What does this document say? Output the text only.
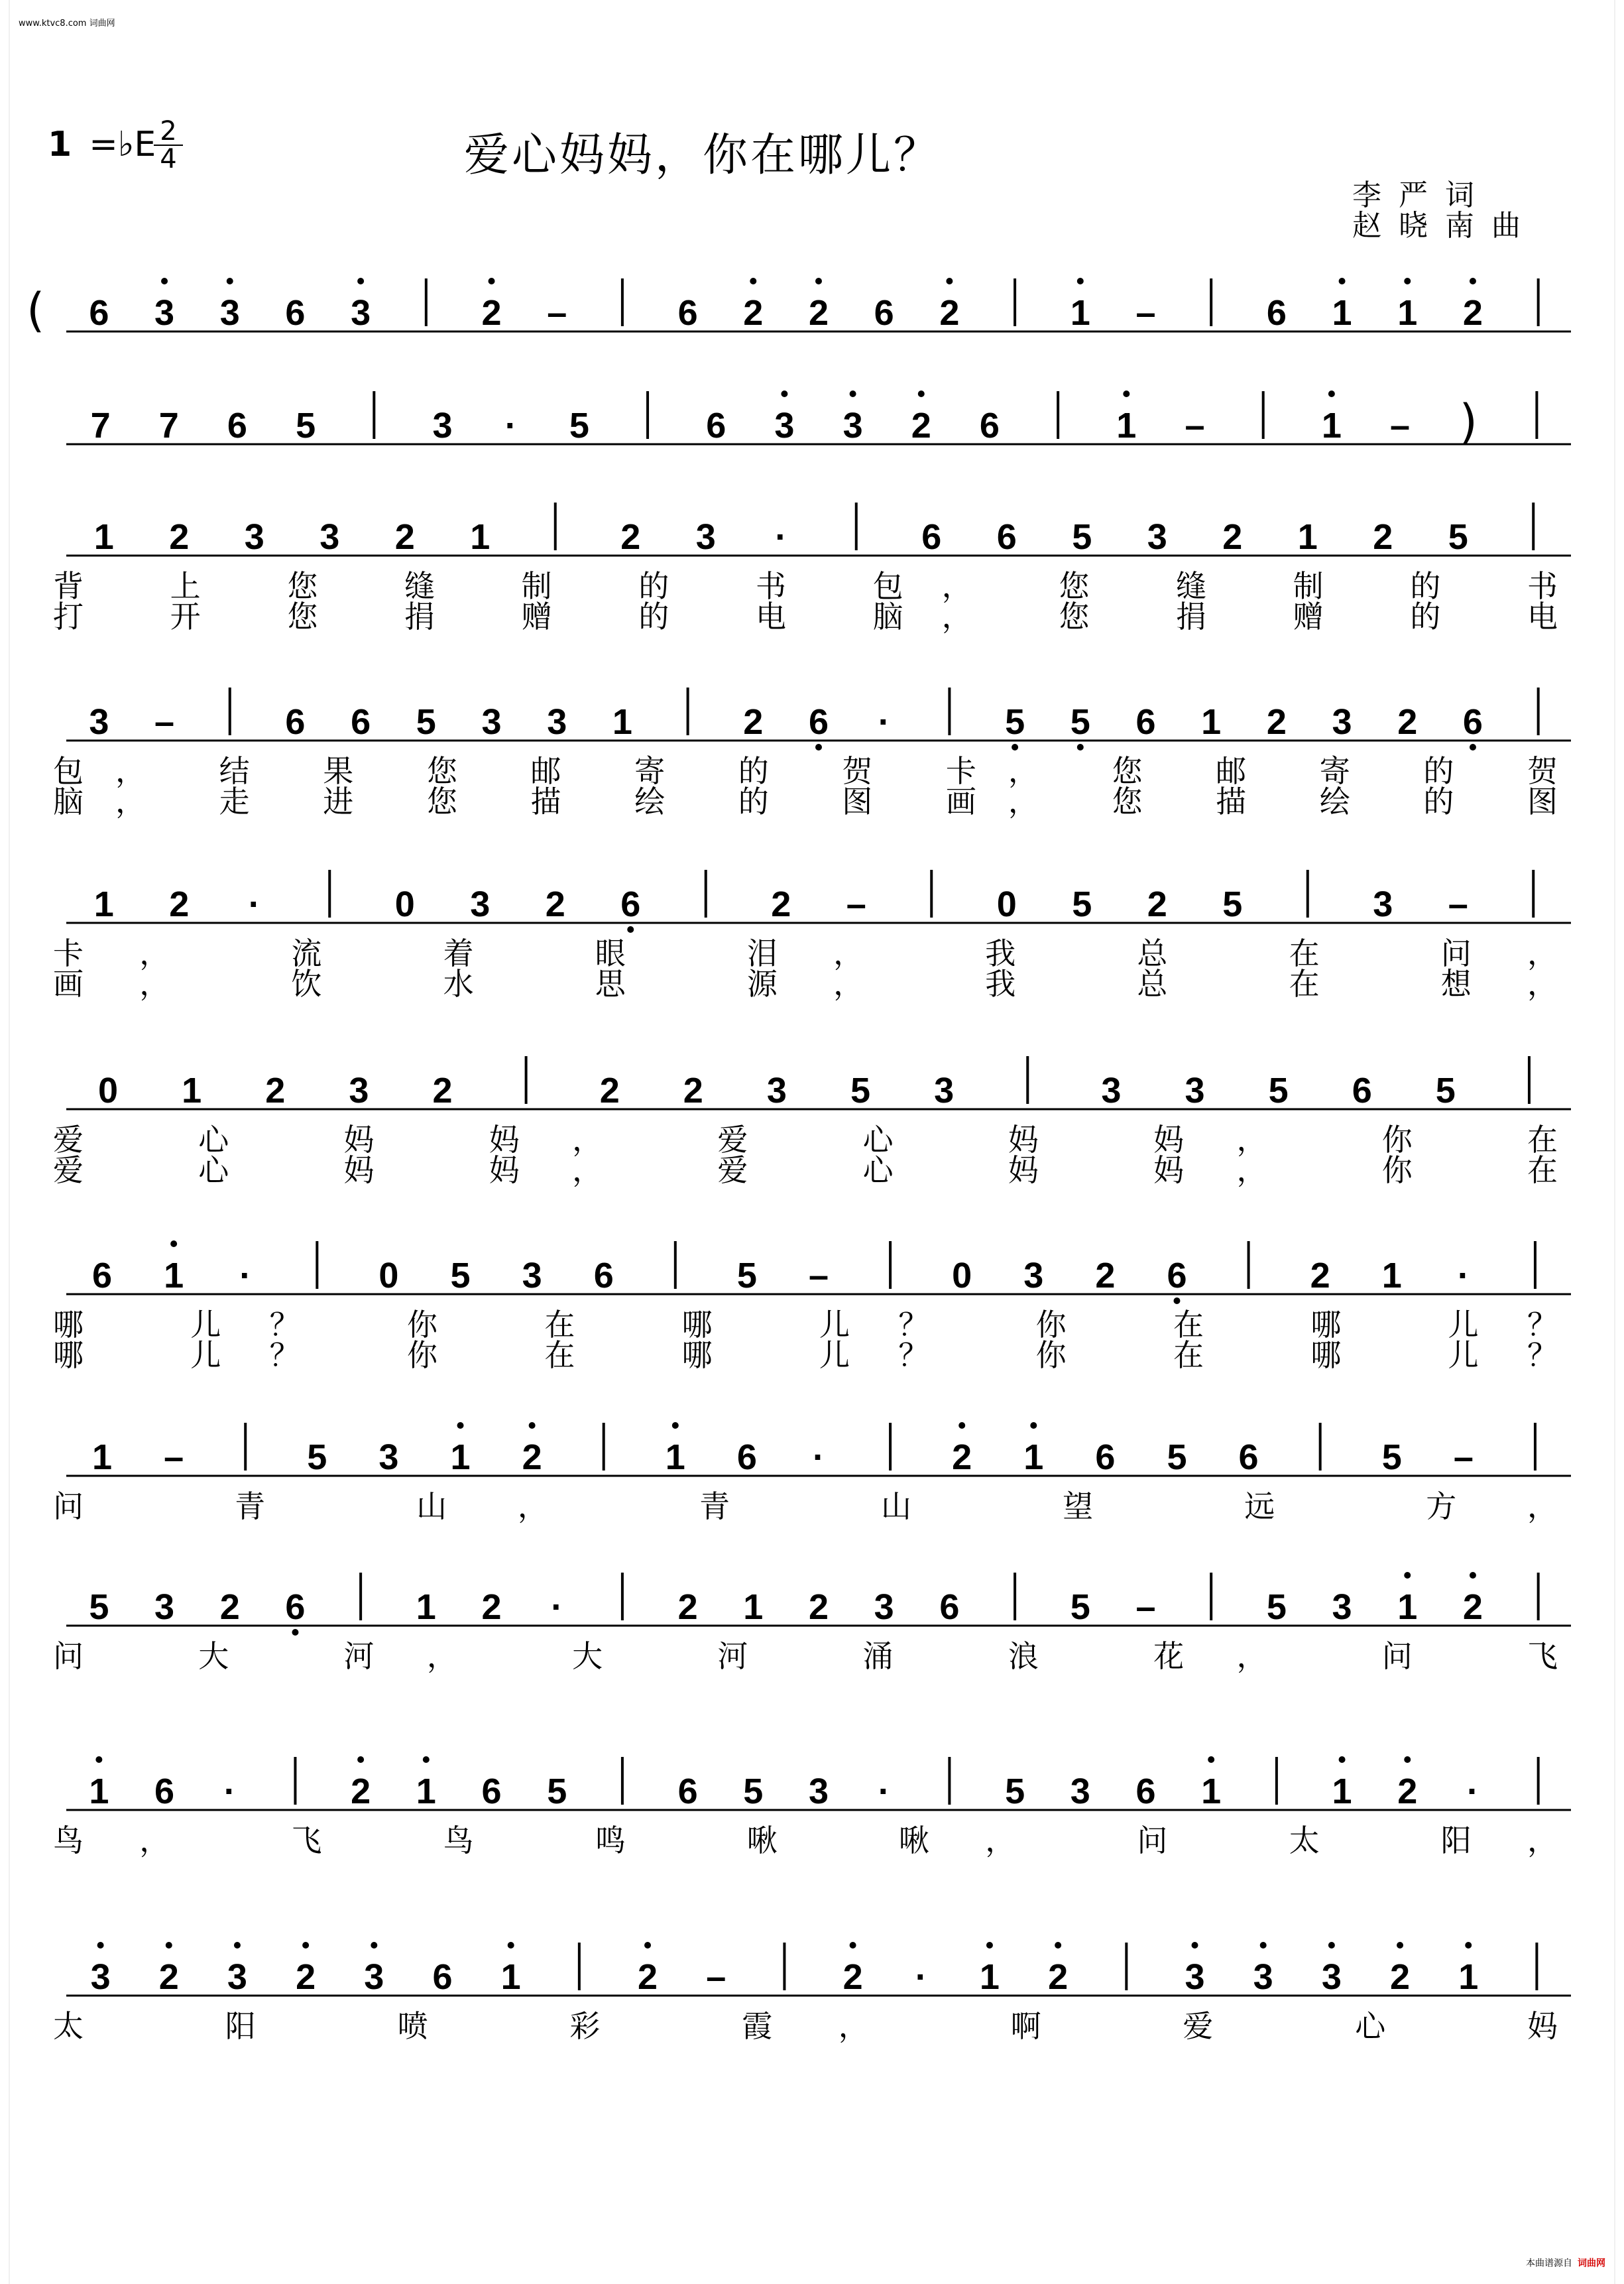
www.ktvc8.com 词曲网
1 =♭E 2
4	爱心妈妈，你在哪儿？
李严词
赵晓南曲
( 6 3 3 6 3	2 –	6 2 2 6 2	1 –	6 1 1 2
7 7 6 5	3 · 5	6 3 3 2 6	1 –	1 – )
1 2 3 3 2 1	2 3 ·	6 6 5 3 2 1 2 5
背 上 您 缝 制 的 书 包， 您 缝 制 的 书
打 开 您 捐 赠 的 电 脑， 您 捐 赠 的 电
3 –	6 6 5 3 3 1	2 6 ·	5 5 6 1 2 3 2 6
包， 结 果 您 邮 寄 的 贺 卡， 您 邮 寄 的 贺
脑， 走 进 您 描 绘 的 图 画， 您 描 绘 的 图
1 2 ·	0 3 2 6	2 –	0 5 2 5	3 –
卡， 流 着 眼 泪， 我 总 在 问，
画， 饮 水 思 源， 我 总 在 想，
0 1 2 3 2	2 2 3 5 3	3 3 5 6 5
爱 心 妈 妈， 爱 心 妈 妈， 你 在
爱 心 妈 妈， 爱 心 妈 妈， 你 在
6 1 ·	0 5 3 6	5 –	0 3 2 6	2 1 ·
哪 儿？ 你 在 哪 儿？ 你 在 哪 儿？
哪 儿？ 你 在 哪 儿？ 你 在 哪 儿？
1 –	5 3 1 2	1 6 ·	2 1 6 5 6	5 –
问 青 山， 青 山 望 远 方，
5 3 2 6	1 2 ·	2 1 2 3 6	5 –	5 3 1 2
问 大 河， 大 河 涌 浪 花， 问 飞
1 6 ·	2 1 6 5	6 5 3 ·	5 3 6 1	1 2 ·
鸟， 飞 鸟 鸣 啾 啾， 问 太 阳，
3 2 3 2 3 6 1	2 –	2 · 1 2	3 3 3 2 1
太 阳 喷 彩 霞， 啊 爱 心 妈
本曲谱源自 词曲网
